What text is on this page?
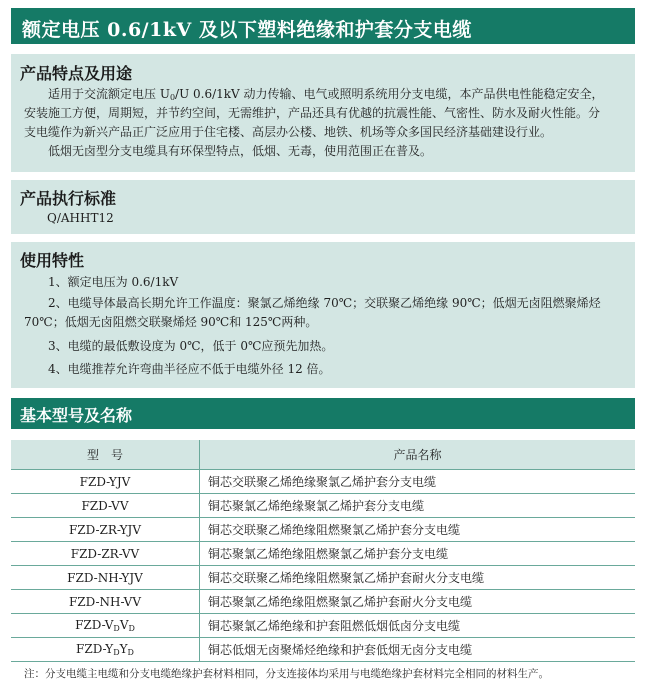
额定电压 0.6/1kV 及以下塑料绝缘和护套分支电缆
产品特点及用途
适用于交流额定电压 $U_0/U$ 0.6/1kV 动力传输、电气或照明系统用分支电缆，本产品供电性能稳定安全，
安装施工方便，周期短，并节约空间，无需维护，产品还具有优越的抗震性能、气密性、防水及耐火性能。分
支电缆作为新兴产品正广泛应用于住宅楼、高层办公楼、地铁、机场等众多国民经济基础建设行业。
低烟无卤型分支电缆具有环保型特点，低烟、无毒，使用范围正在普及。
产品执行标准
Q/AHHT12
使用特性
1、额定电压为 0.6/1kV
2、电缆导体最高长期允许工作温度：聚氯乙烯绝缘 70℃；交联聚乙烯绝缘 90℃；低烟无卤阻燃聚烯烃
70℃；低烟无卤阻燃交联聚烯烃 90℃和 125℃两种。
3、电缆的最低敷设度为 0℃，低于 0℃应预先加热。
4、电缆推荐允许弯曲半径应不低于电缆外径 12 倍。
基本型号及名称
型　号	产品名称
FZD-YJV	铜芯交联聚乙烯绝缘聚氯乙烯护套分支电缆
FZD-VV	铜芯聚氯乙烯绝缘聚氯乙烯护套分支电缆
FZD-ZR-YJV	铜芯交联聚乙烯绝缘阻燃聚氯乙烯护套分支电缆
FZD-ZR-VV	铜芯聚氯乙烯绝缘阻燃聚氯乙烯护套分支电缆
FZD-NH-YJV	铜芯交联聚乙烯绝缘阻燃聚氯乙烯护套耐火分支电缆
FZD-NH-VV	铜芯聚氯乙烯绝缘阻燃聚氯乙烯护套耐火分支电缆
FZD-$V_DV_D$	铜芯聚氯乙烯绝缘和护套阻燃低烟低卤分支电缆
FZD-$Y_DY_D$	铜芯低烟无卤聚烯烃绝缘和护套低烟无卤分支电缆
注：分支电缆主电缆和分支电缆绝缘护套材料相同，分支连接体均采用与电缆绝缘护套材料完全相同的材料生产。
